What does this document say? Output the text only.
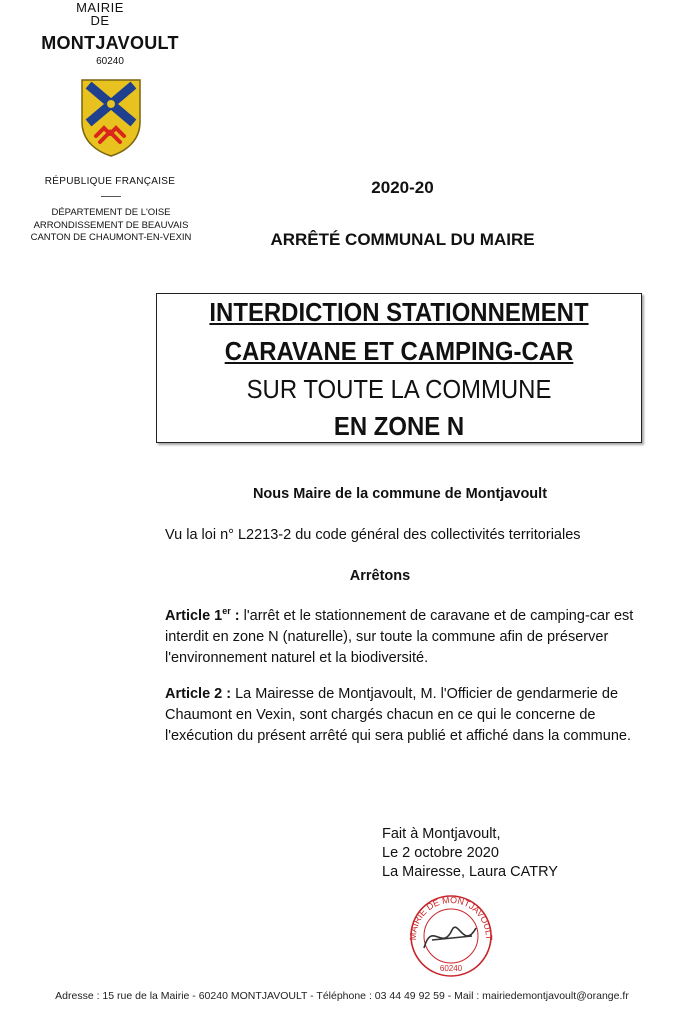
MAIRIE
DE
MONTJAVOULT
60240
RÉPUBLIQUE FRANÇAISE
DÉPARTEMENT DE L'OISE
ARRONDISSEMENT DE BEAUVAIS
CANTON DE CHAUMONT-EN-VEXIN
2020-20
ARRÊTÉ COMMUNAL DU MAIRE
INTERDICTION STATIONNEMENT
CARAVANE ET CAMPING-CAR
SUR TOUTE LA COMMUNE
EN ZONE N
Nous Maire de la commune de Montjavoult
Vu la loi n° L2213-2 du code général des collectivités territoriales
Arrêtons
Article 1er : l'arrêt et le stationnement de caravane et de camping-car est interdit en zone N (naturelle), sur toute la commune afin de préserver l'environnement naturel et la biodiversité.
Article 2 : La Mairesse de Montjavoult, M. l'Officier de gendarmerie de Chaumont en Vexin, sont chargés chacun en ce qui le concerne de l'exécution du présent arrêté qui sera publié et affiché dans la commune.
Fait à Montjavoult,
Le 2 octobre 2020
La Mairesse, Laura CATRY
MAIRIE DE MONTJAVOULT
60240
Adresse : 15 rue de la Mairie - 60240 MONTJAVOULT - Téléphone : 03 44 49 92 59 - Mail : mairiedemontjavoult@orange.fr
